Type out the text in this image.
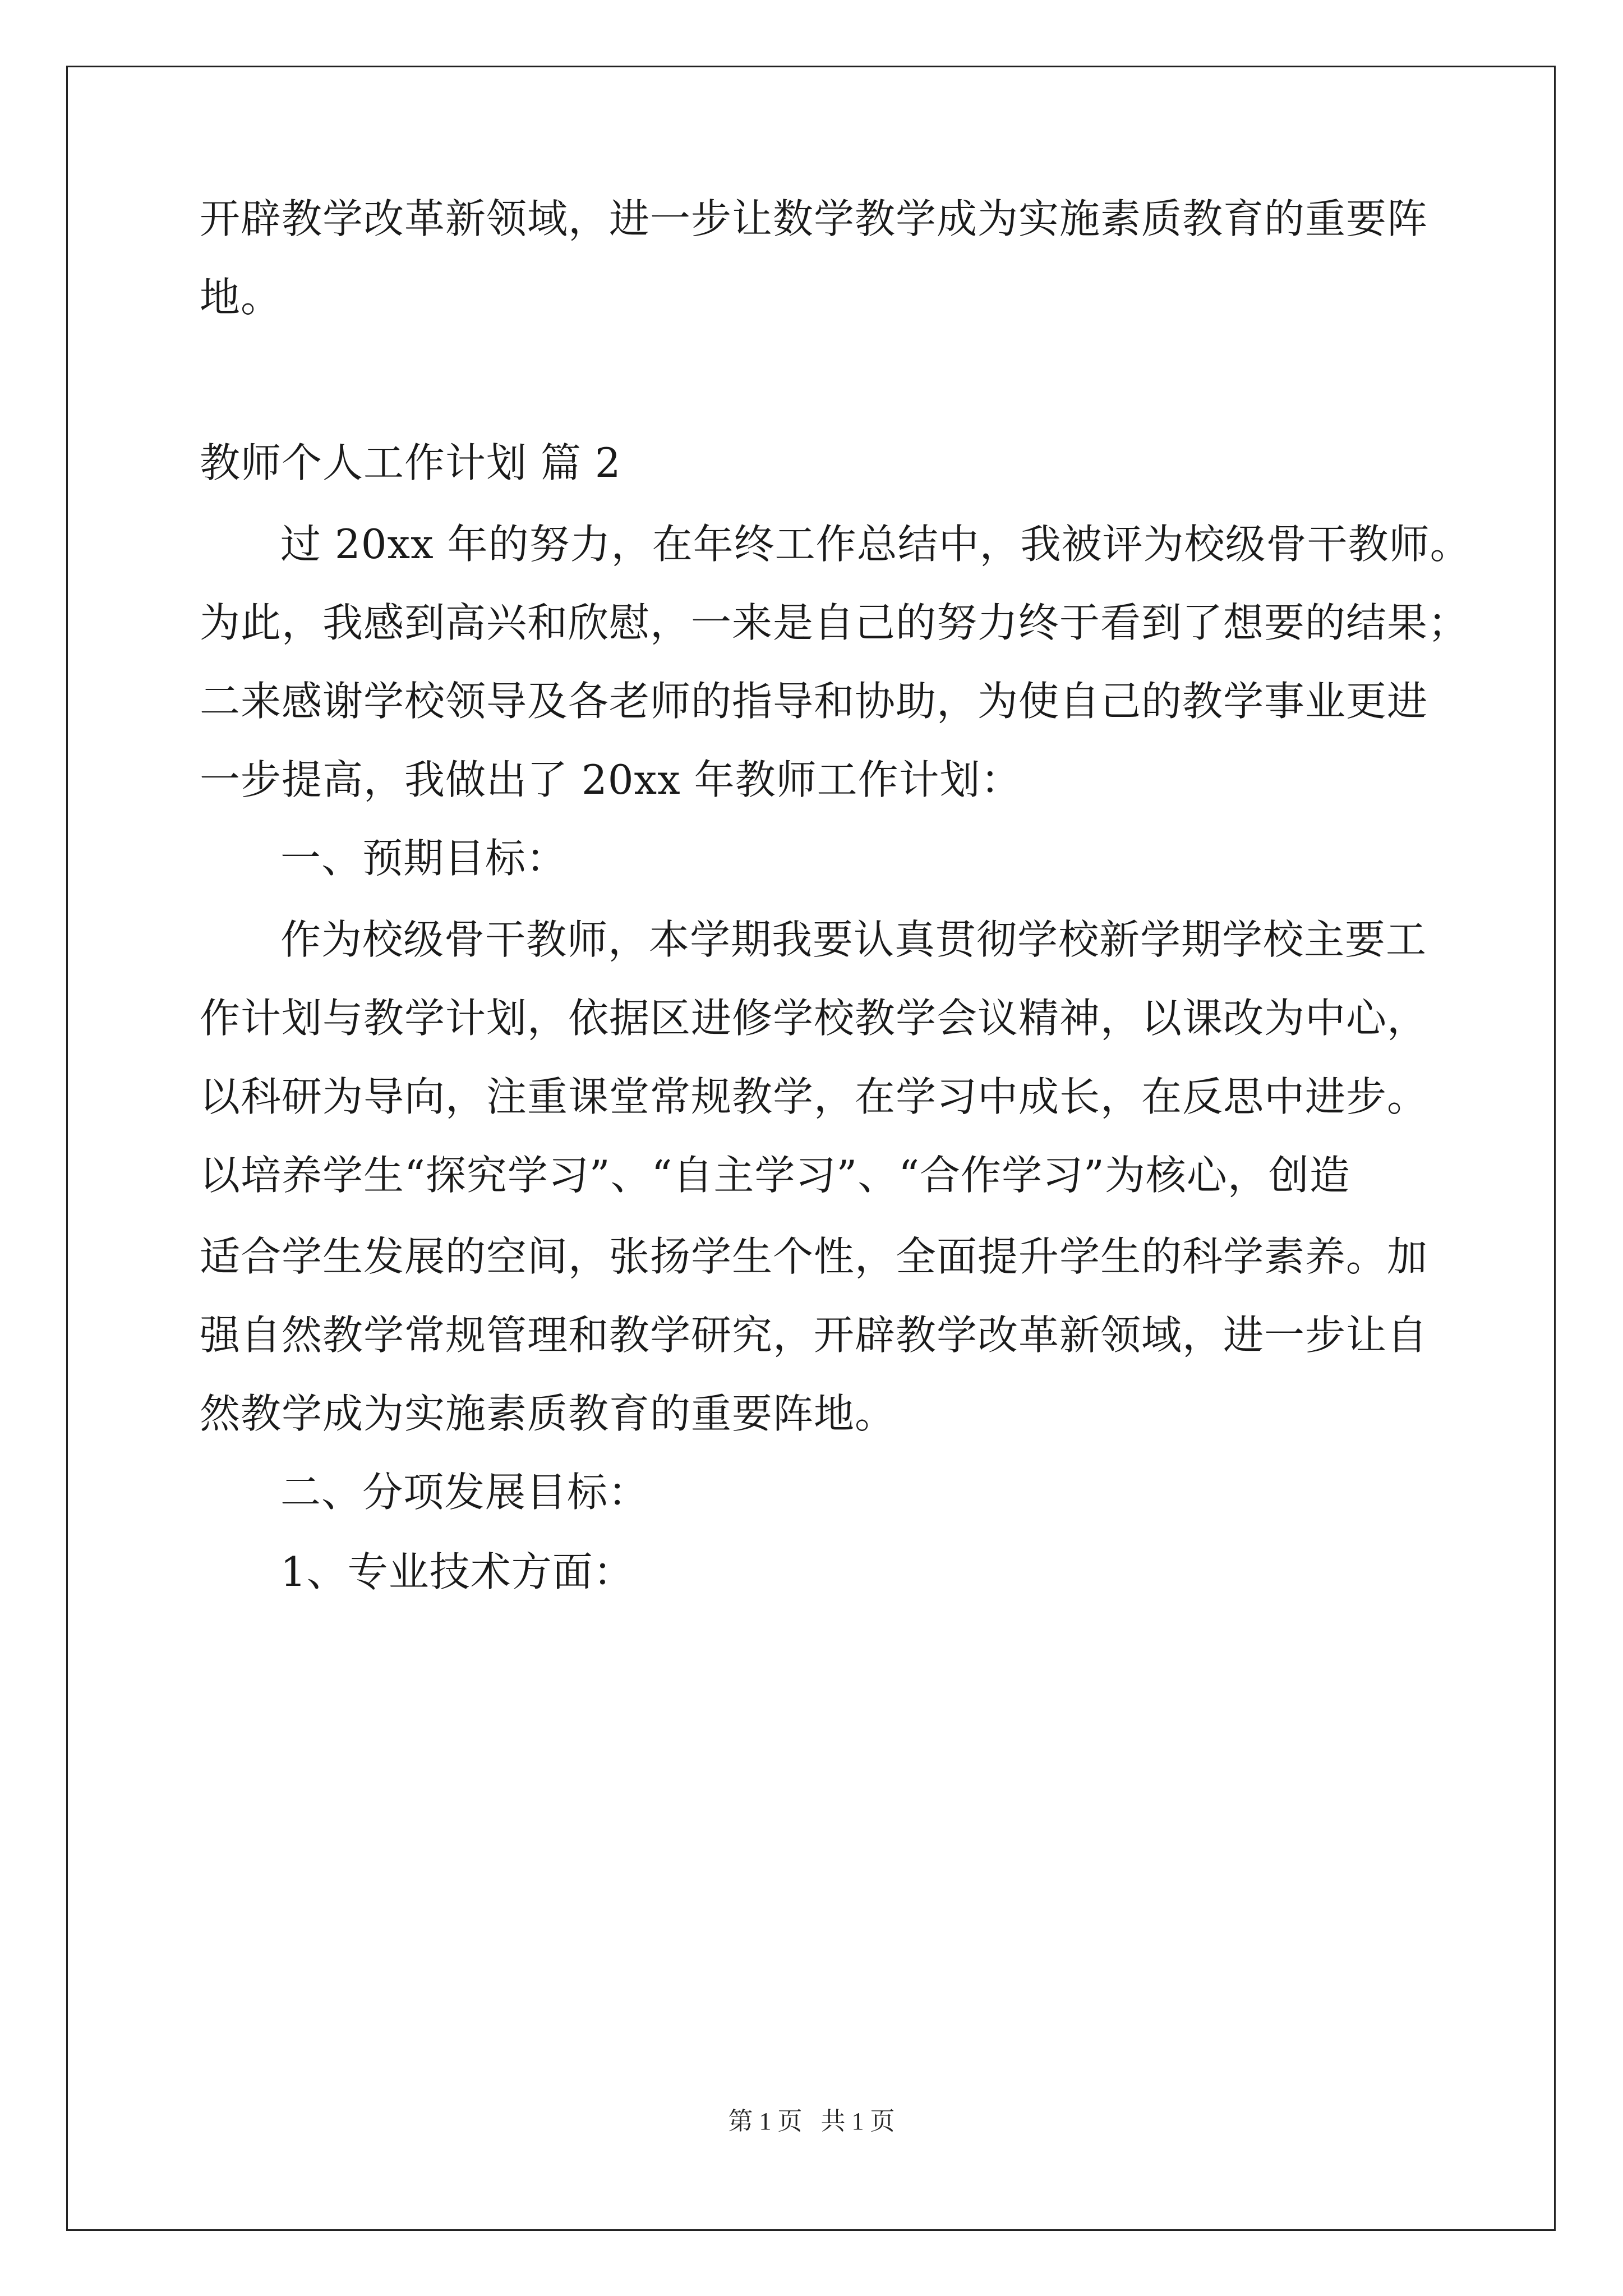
开辟教学改革新领域，进一步让数学教学成为实施素质教育的重要阵
地。
教师个人工作计划 篇 2
过 20xx 年的努力，在年终工作总结中，我被评为校级骨干教师。
为此，我感到高兴和欣慰，一来是自己的努力终于看到了想要的结果；
二来感谢学校领导及各老师的指导和协助，为使自己的教学事业更进
一步提高，我做出了 20xx 年教师工作计划：
一、预期目标：
作为校级骨干教师，本学期我要认真贯彻学校新学期学校主要工
作计划与教学计划，依据区进修学校教学会议精神，以课改为中心，
以科研为导向，注重课堂常规教学，在学习中成长，在反思中进步。
以培养学生“探究学习”、“自主学习”、“合作学习”为核心，创造
适合学生发展的空间，张扬学生个性，全面提升学生的科学素养。加
强自然教学常规管理和教学研究，开辟教学改革新领域，进一步让自
然教学成为实施素质教育的重要阵地。
二、分项发展目标：
1、专业技术方面：
第 1 页   共 1 页
